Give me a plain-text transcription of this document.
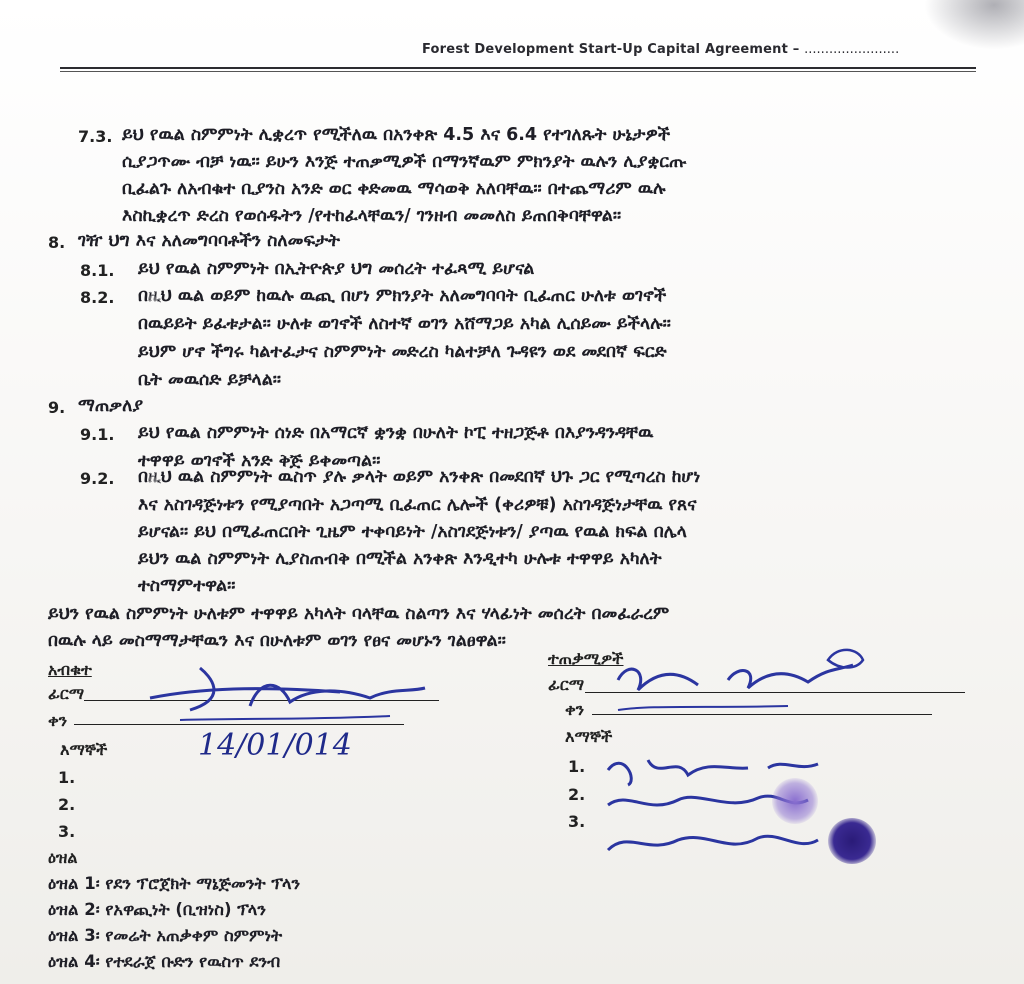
Forest Development Start-Up Capital Agreement – .......................
7.3. ይህ የዉል ስምምነት ሊቋረጥ የሚችለዉ በአንቀጽ 4.5 እና 6.4 የተገለጹት ሁኔታዎች
ሲያጋጥሙ ብቻ ነዉ፡፡ ይሁን እንጅ ተጠቃሚዎች በማንኛዉም ምክንያት ዉሉን ሊያቋርጡ
ቢፈልጉ ለአብቁተ ቢያንስ አንድ ወር ቀድመዉ ማሳወቅ አለባቸዉ፡፡ በተጨማሪም ዉሉ
እስኪቋረጥ ድረስ የወሰዱትን /የተከፈላቸዉን/ ገንዘብ መመለስ ይጠበቅባቸዋል፡፡
8. ገዥ ህግ እና አለመግባባቶችን ስለመፍታት
8.1. ይህ የዉል ስምምነት በኢትዮጵያ ህግ መሰረት ተፈጻሚ ይሆናል
8.2. በዚህ ዉል ወይም ከዉሉ ዉጪ በሆነ ምክንያት አለመግባባት ቢፈጠር ሁለቱ ወገኖች
በዉይይት ይፈቱታል፡፡ ሁለቱ ወገኖች ለስተኛ ወገን አሸማጋይ አካል ሊሰይሙ ይችላሉ፡፡
ይህም ሆኖ ችግሩ ካልተፈታና ስምምነት መድረስ ካልተቻለ ጉዳዩን ወደ መደበኛ ፍርድ
ቤት መዉሰድ ይቻላል፡፡
9. ማጠቃለያ
9.1. ይህ የዉል ስምምነት ሰነድ በአማርኛ ቋንቋ በሁለት ኮፒ ተዘጋጅቶ በእያንዳንዳቸዉ
ተዋዋይ ወገኖች አንድ ቅጅ ይቀመጣል፡፡
9.2. በዚህ ዉል ስምምነት ዉስጥ ያሉ ቃላት ወይም አንቀጽ በመደበኛ ህጉ ጋር የሚጣረስ ከሆነ
እና አስገዳጅነቱን የሚያጣበት አጋጣሚ ቢፈጠር ሌሎች (ቀሪዎቹ) አስገዳጅነታቸዉ የጸና
ይሆናል፡፡ ይህ በሚፈጠርበት ጊዜም ተቀባይነት /አስገደጅነቱን/ ያጣዉ የዉል ክፍል በሌላ
ይህን ዉል ስምምነት ሊያስጠብቅ በሚችል አንቀጽ እንዲተካ ሁሉቱ ተዋዋይ አካለት
ተስማምተዋል፡፡
ይህን የዉል ስምምነት ሁለቱም ተዋዋይ አካላት ባላቸዉ ስልጣን እና ሃላፊነት መሰረት በመፈራረም
በዉሉ ላይ መስማማታቸዉን እና በሁለቱም ወገን የፀና መሆኑን ገልፀዋል፡፡
አብቁተ
ፊርማ
ቀን
እማኞች
1.
2.
3.
14/01/014
ተጠቃሚዎች
ፊርማ
ቀን
እማኞች
1.
2.
3.
ዕዝል
ዕዝል 1፡ የደን ፕሮጀክት ማኔጅመንት ፕላን
ዕዝል 2፡ የአዋጪነት (ቢዝነስ) ፕላን
ዕዝል 3፡ የመሬት አጠቃቀም ስምምነት
ዕዝል 4፡ የተደራጀ ቡድን የዉስጥ ደንብ
